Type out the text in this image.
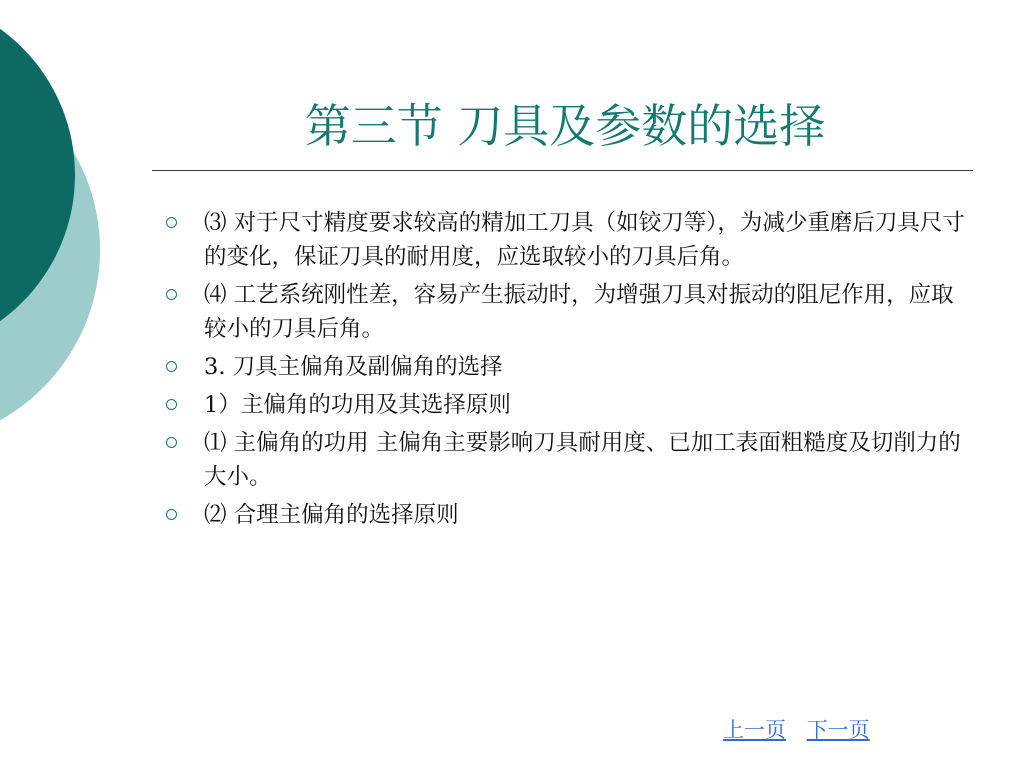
第三节 刀具及参数的选择
⑶ 对于尺寸精度要求较高的精加工刀具（如铰刀等），为减少重磨后刀具尺寸的变化，保证刀具的耐用度，应选取较小的刀具后角。
⑷ 工艺系统刚性差，容易产生振动时，为增强刀具对振动的阻尼作用，应取较小的刀具后角。
3. 刀具主偏角及副偏角的选择
1）主偏角的功用及其选择原则
⑴ 主偏角的功用 主偏角主要影响刀具耐用度、已加工表面粗糙度及切削力的大小。
⑵ 合理主偏角的选择原则
上一页 下一页
